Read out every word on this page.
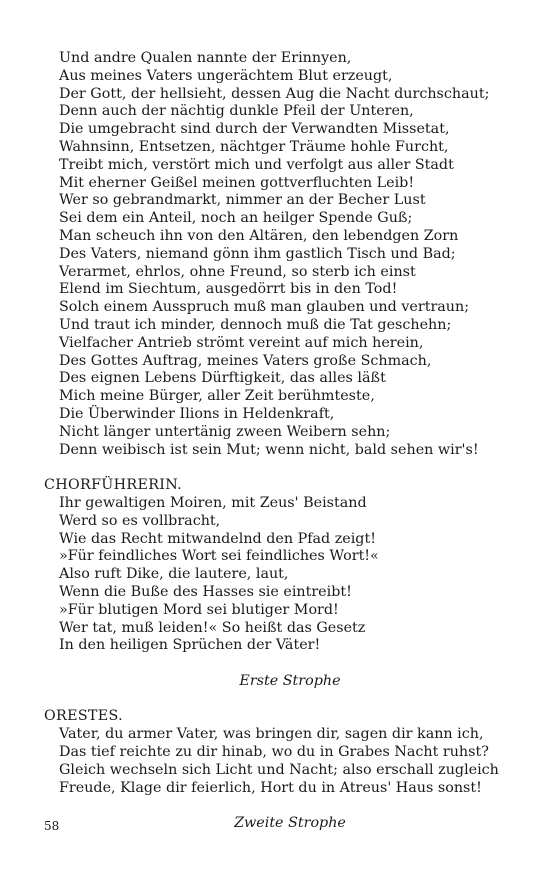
Und andre Qualen nannte der Erinnyen,
Aus meines Vaters ungerächtem Blut erzeugt,
Der Gott, der hellsieht, dessen Aug die Nacht durchschaut;
Denn auch der nächtig dunkle Pfeil der Unteren,
Die umgebracht sind durch der Verwandten Missetat,
Wahnsinn, Entsetzen, nächtger Träume hohle Furcht,
Treibt mich, verstört mich und verfolgt aus aller Stadt
Mit eherner Geißel meinen gottverfluchten Leib!
Wer so gebrandmarkt, nimmer an der Becher Lust
Sei dem ein Anteil, noch an heilger Spende Guß;
Man scheuch ihn von den Altären, den lebendgen Zorn
Des Vaters, niemand gönn ihm gastlich Tisch und Bad;
Verarmet, ehrlos, ohne Freund, so sterb ich einst
Elend im Siechtum, ausgedörrt bis in den Tod!
Solch einem Ausspruch muß man glauben und vertraun;
Und traut ich minder, dennoch muß die Tat geschehn;
Vielfacher Antrieb strömt vereint auf mich herein,
Des Gottes Auftrag, meines Vaters große Schmach,
Des eignen Lebens Dürftigkeit, das alles läßt
Mich meine Bürger, aller Zeit berühmteste,
Die Überwinder Ilions in Heldenkraft,
Nicht länger untertänig zween Weibern sehn;
Denn weibisch ist sein Mut; wenn nicht, bald sehen wir's!
CHORFÜHRERIN.
Ihr gewaltigen Moiren, mit Zeus' Beistand
Werd so es vollbracht,
Wie das Recht mitwandelnd den Pfad zeigt!
»Für feindliches Wort sei feindliches Wort!«
Also ruft Dike, die lautere, laut,
Wenn die Buße des Hasses sie eintreibt!
»Für blutigen Mord sei blutiger Mord!
Wer tat, muß leiden!« So heißt das Gesetz
In den heiligen Sprüchen der Väter!
Erste Strophe
ORESTES.
Vater, du armer Vater, was bringen dir, sagen dir kann ich,
Das tief reichte zu dir hinab, wo du in Grabes Nacht ruhst?
Gleich wechseln sich Licht und Nacht; also erschall zugleich
Freude, Klage dir feierlich, Hort du in Atreus' Haus sonst!
Zweite Strophe
58
